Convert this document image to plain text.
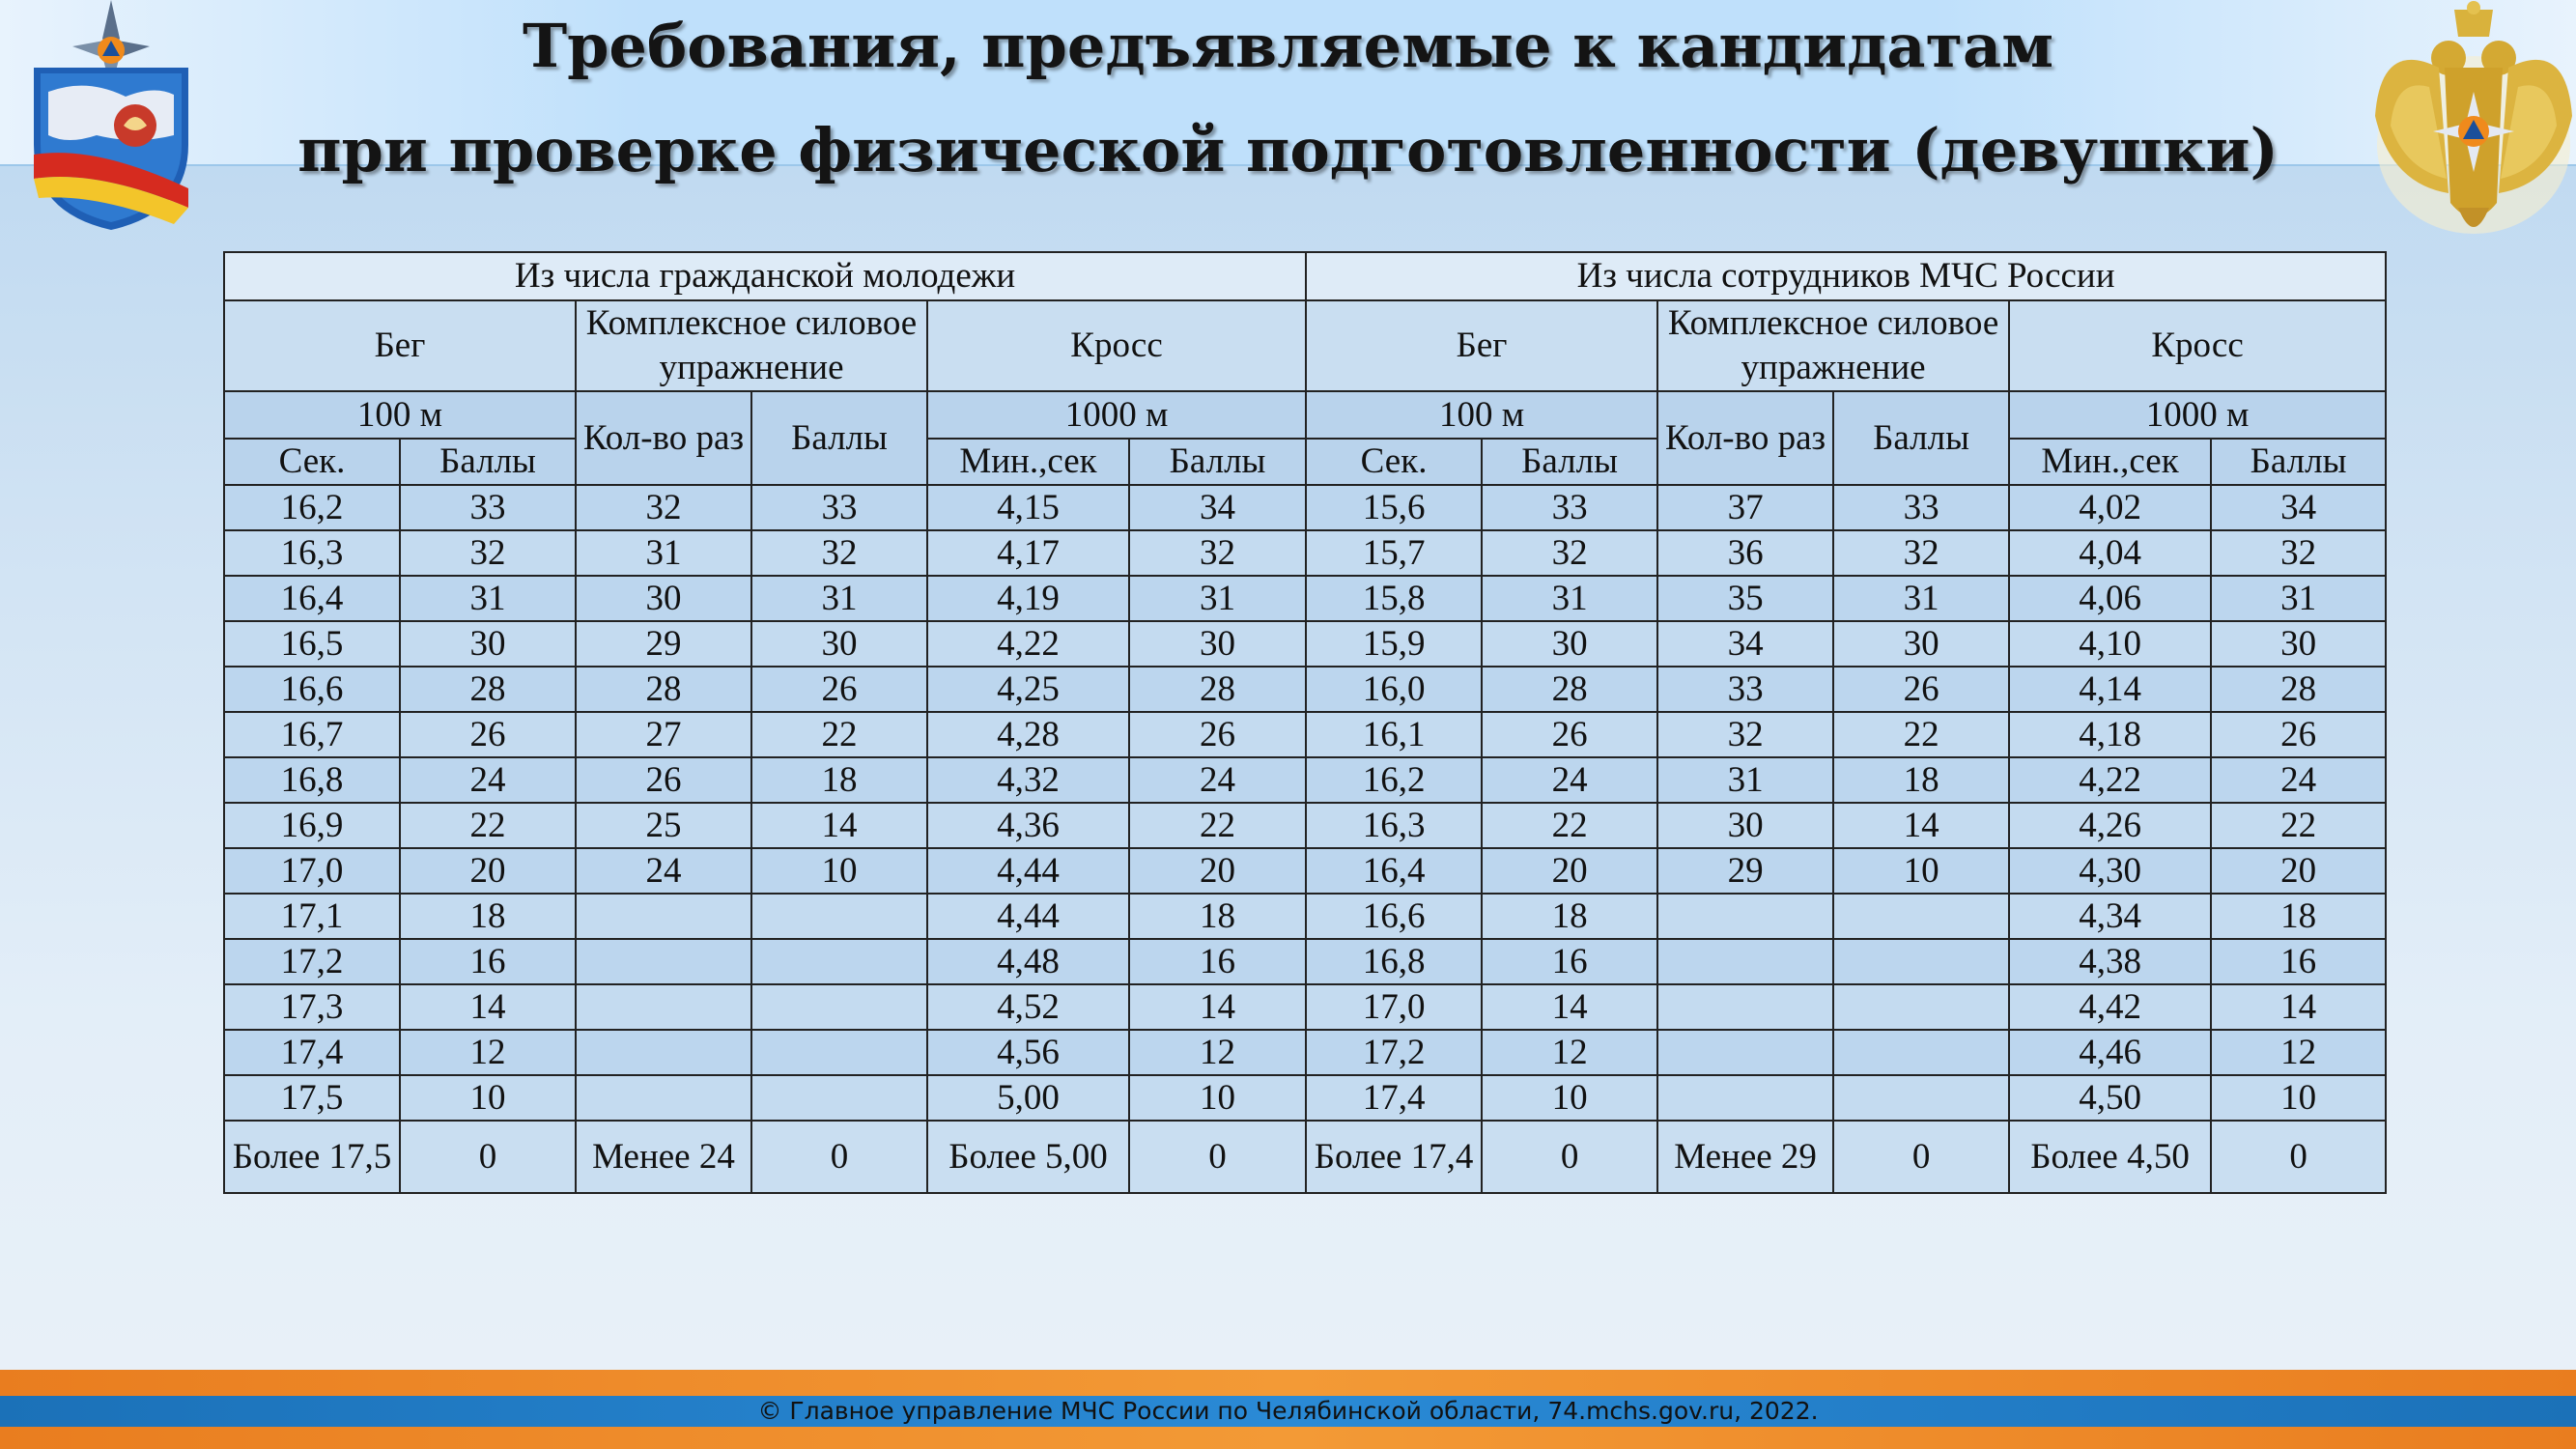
Требования, предъявляемые к кандидатам
при проверке физической подготовленности (девушки)
Из числа гражданской молодежи						Из числа сотрудников МЧС России					
Бег		Комплексное силовое упражнение		Кросс		Бег		Комплексное силовое упражнение		Кросс	
100 м		Кол-во раз	Баллы	1000 м		100 м		Кол-во раз	Баллы	1000 м	
Сек.	Баллы			Мин.,сек	Баллы	Сек.	Баллы			Мин.,сек	Баллы
16,2	33	32	33	4,15	34	15,6	33	37	33	4,02	34
16,3	32	31	32	4,17	32	15,7	32	36	32	4,04	32
16,4	31	30	31	4,19	31	15,8	31	35	31	4,06	31
16,5	30	29	30	4,22	30	15,9	30	34	30	4,10	30
16,6	28	28	26	4,25	28	16,0	28	33	26	4,14	28
16,7	26	27	22	4,28	26	16,1	26	32	22	4,18	26
16,8	24	26	18	4,32	24	16,2	24	31	18	4,22	24
16,9	22	25	14	4,36	22	16,3	22	30	14	4,26	22
17,0	20	24	10	4,44	20	16,4	20	29	10	4,30	20
17,1	18			4,44	18	16,6	18			4,34	18
17,2	16			4,48	16	16,8	16			4,38	16
17,3	14			4,52	14	17,0	14			4,42	14
17,4	12			4,56	12	17,2	12			4,46	12
17,5	10			5,00	10	17,4	10			4,50	10
Более 17,5	0	Менее 24	0	Более 5,00	0	Более 17,4	0	Менее 29	0	Более 4,50	0
© Главное управление МЧС России по Челябинской области, 74.mchs.gov.ru, 2022.
